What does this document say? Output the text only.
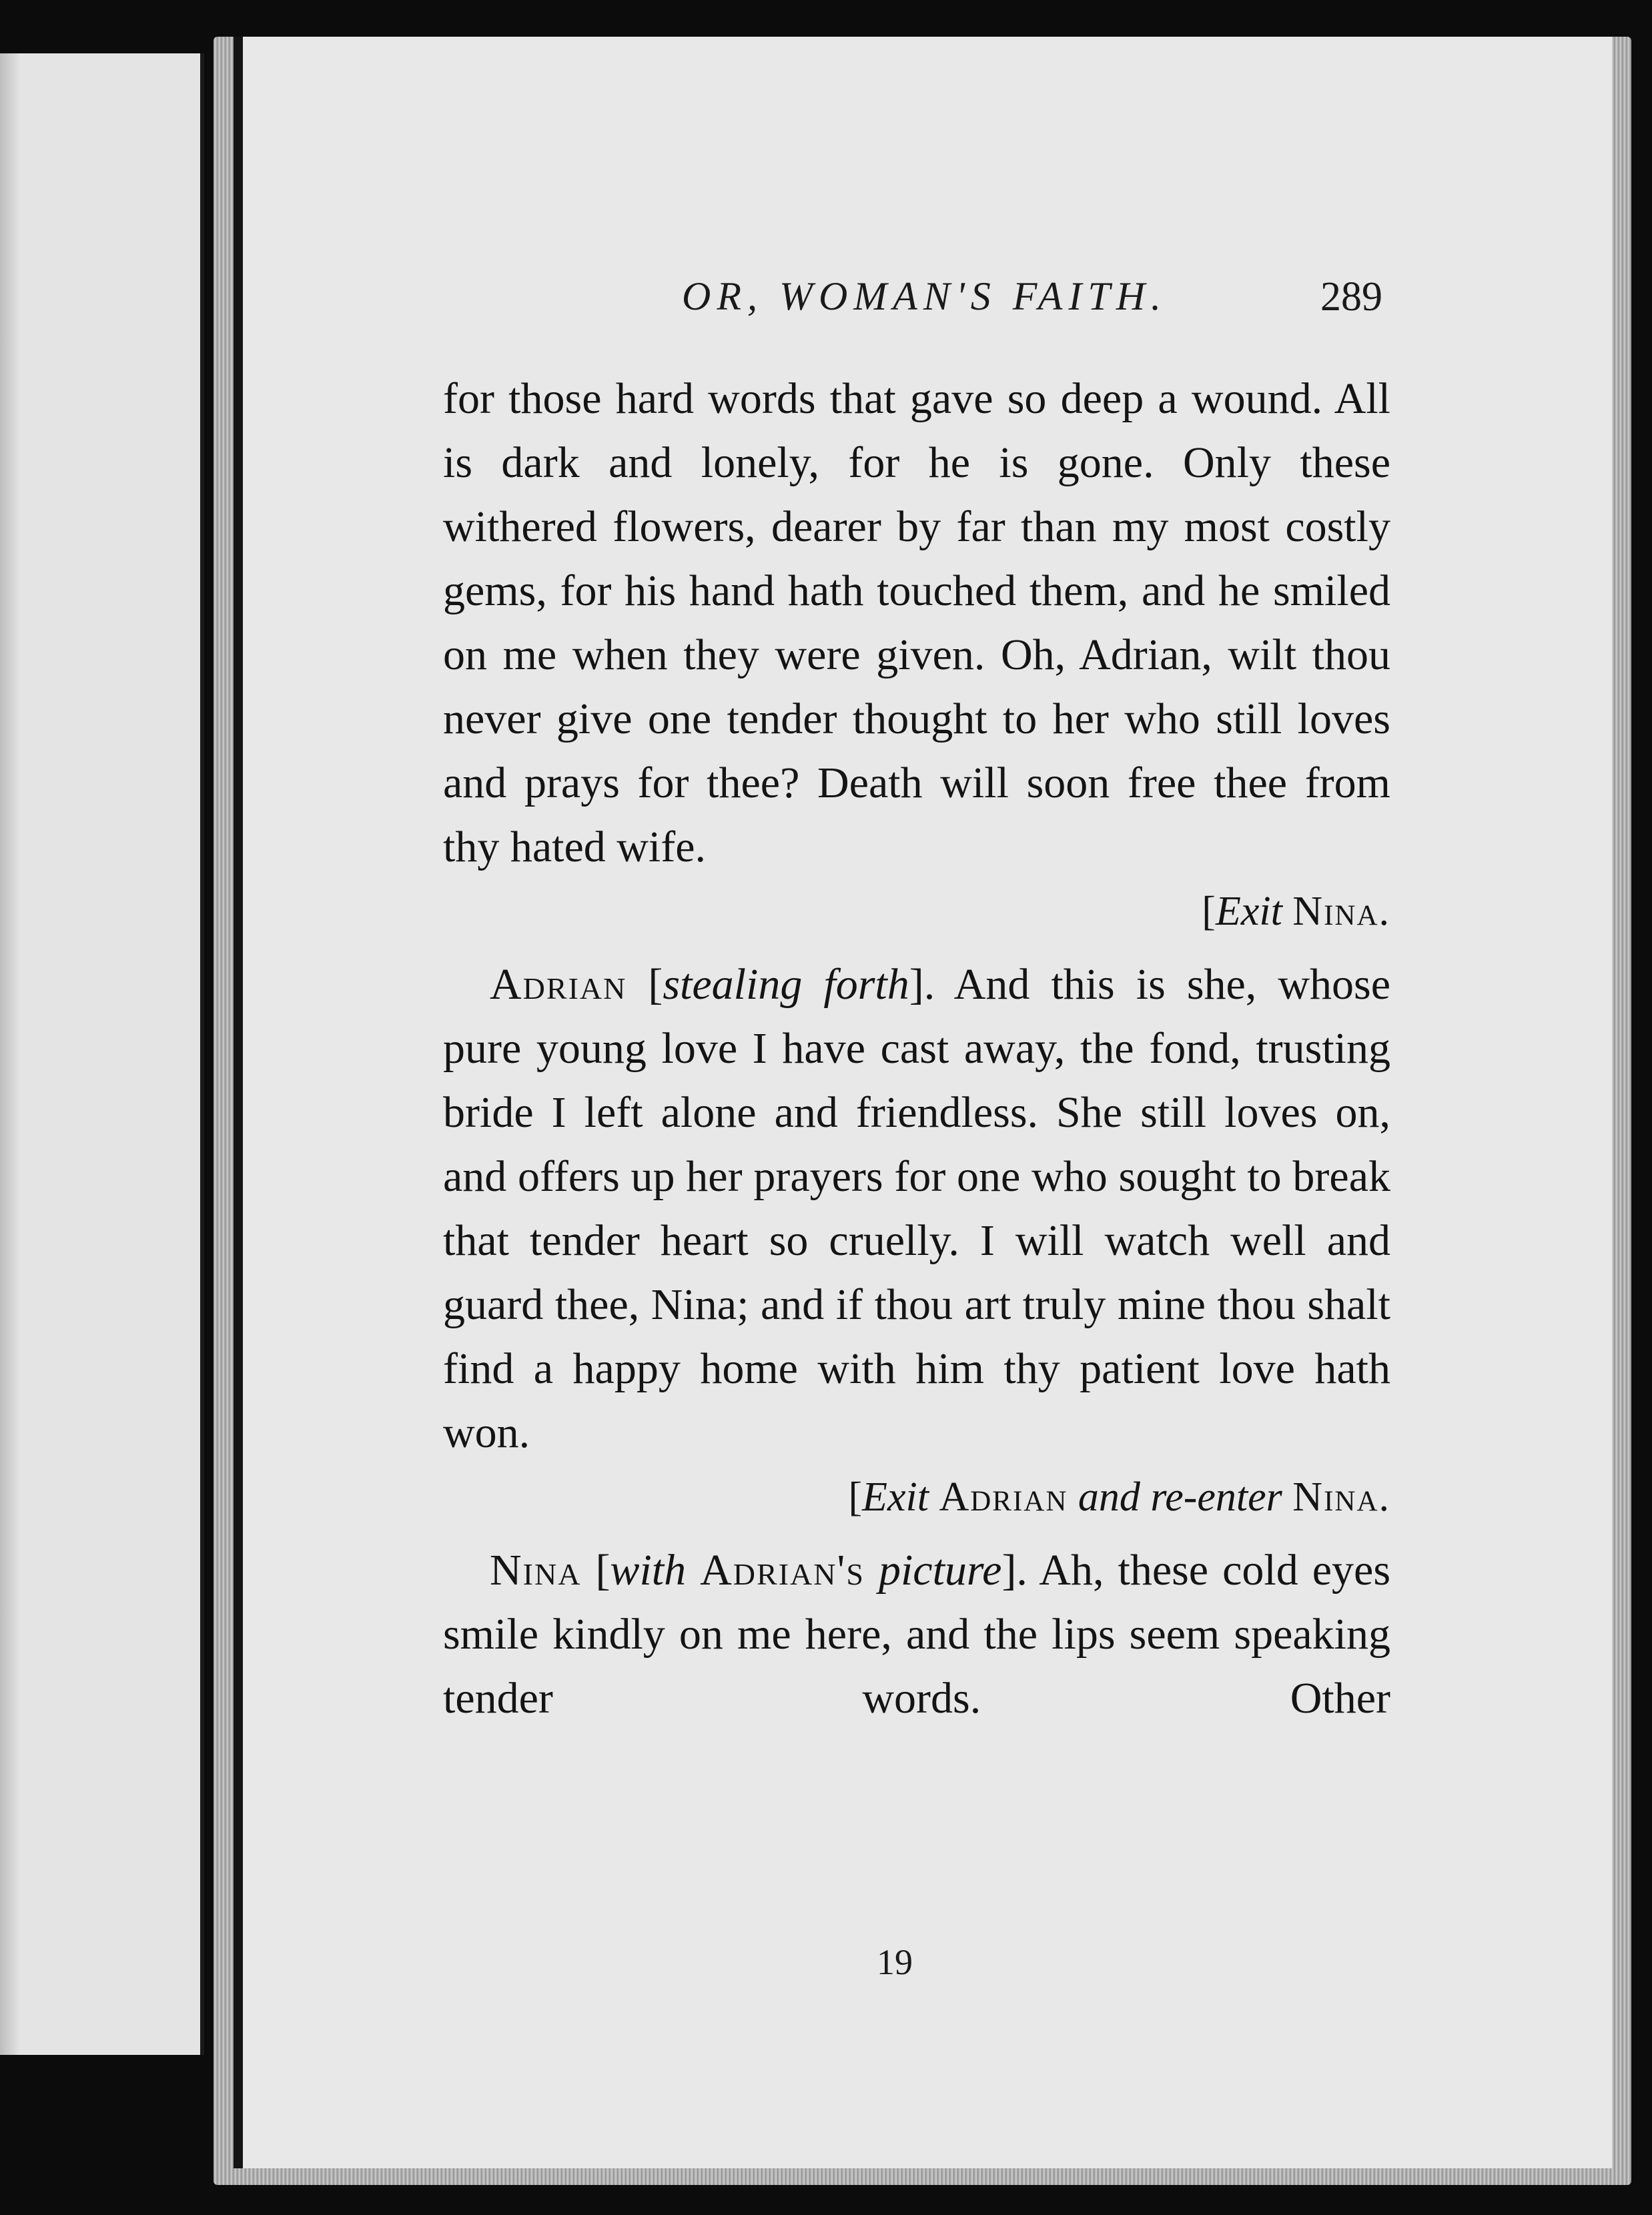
OR, WOMAN'S FAITH.	289

for those hard words that gave so deep a wound. All is dark and lonely, for he is gone. Only these withered flowers, dearer by far than my most costly gems, for his hand hath touched them, and he smiled on me when they were given. Oh, Adrian, wilt thou never give one tender thought to her who still loves and prays for thee? Death will soon free thee from thy hated wife.

[Exit Nina.

Adrian [stealing forth]. And this is she, whose pure young love I have cast away, the fond, trusting bride I left alone and friendless. She still loves on, and offers up her prayers for one who sought to break that tender heart so cruelly. I will watch well and guard thee, Nina; and if thou art truly mine thou shalt find a happy home with him thy patient love hath won.

[Exit Adrian and re-enter Nina.

Nina [with Adrian's picture]. Ah, these cold eyes smile kindly on me here, and the lips seem speaking tender words. Other

19
